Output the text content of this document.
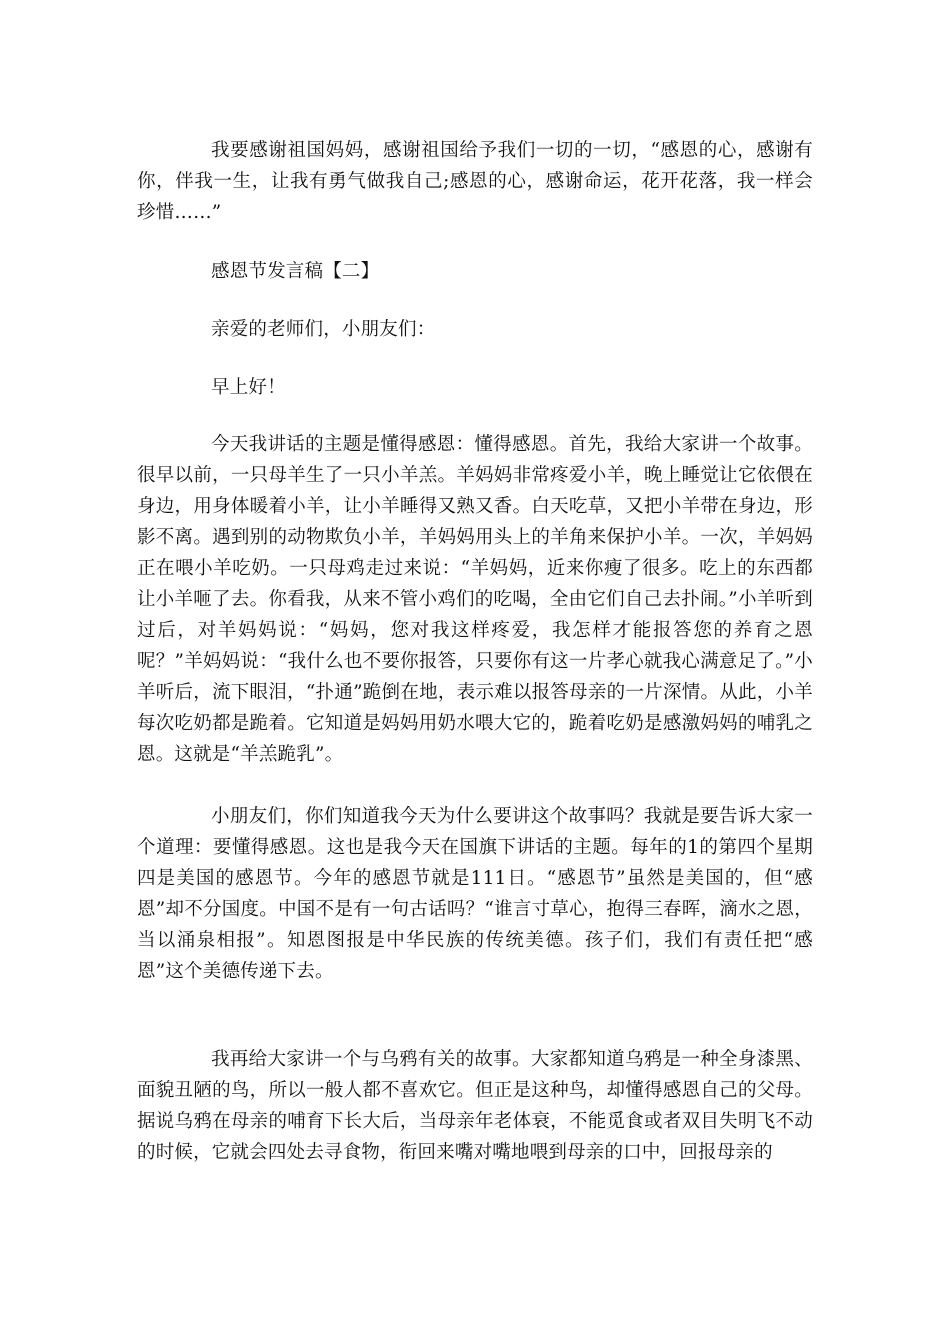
我要感谢祖国妈妈，感谢祖国给予我们一切的一切，“感恩的心，感谢有你，伴我一生，让我有勇气做我自己;感恩的心，感谢命运，花开花落，我一样会珍惜……”

感恩节发言稿【二】

亲爱的老师们，小朋友们：

早上好！

今天我讲话的主题是懂得感恩：懂得感恩。首先，我给大家讲一个故事。很早以前，一只母羊生了一只小羊羔。羊妈妈非常疼爱小羊，晚上睡觉让它依偎在身边，用身体暖着小羊，让小羊睡得又熟又香。白天吃草，又把小羊带在身边，形影不离。遇到别的动物欺负小羊，羊妈妈用头上的羊角来保护小羊。一次，羊妈妈正在喂小羊吃奶。一只母鸡走过来说：“羊妈妈，近来你瘦了很多。吃上的东西都让小羊咂了去。你看我，从来不管小鸡们的吃喝，全由它们自己去扑闹。”小羊听到过后，对羊妈妈说：“妈妈，您对我这样疼爱，我怎样才能报答您的养育之恩呢？”羊妈妈说：“我什么也不要你报答，只要你有这一片孝心就我心满意足了。”小羊听后，流下眼泪，“扑通”跪倒在地，表示难以报答母亲的一片深情。从此，小羊每次吃奶都是跪着。它知道是妈妈用奶水喂大它的，跪着吃奶是感激妈妈的哺乳之恩。这就是“羊羔跪乳”。

小朋友们，你们知道我今天为什么要讲这个故事吗？我就是要告诉大家一个道理：要懂得感恩。这也是我今天在国旗下讲话的主题。每年的1的第四个星期四是美国的感恩节。今年的感恩节就是111日。“感恩节”虽然是美国的，但“感恩”却不分国度。中国不是有一句古话吗？“谁言寸草心，抱得三春晖，滴水之恩，当以涌泉相报”。知恩图报是中华民族的传统美德。孩子们，我们有责任把“感恩”这个美德传递下去。

我再给大家讲一个与乌鸦有关的故事。大家都知道乌鸦是一种全身漆黑、面貌丑陋的鸟，所以一般人都不喜欢它。但正是这种鸟，却懂得感恩自己的父母。据说乌鸦在母亲的哺育下长大后，当母亲年老体衰，不能觅食或者双目失明飞不动的时候，它就会四处去寻食物，衔回来嘴对嘴地喂到母亲的口中，回报母亲的
